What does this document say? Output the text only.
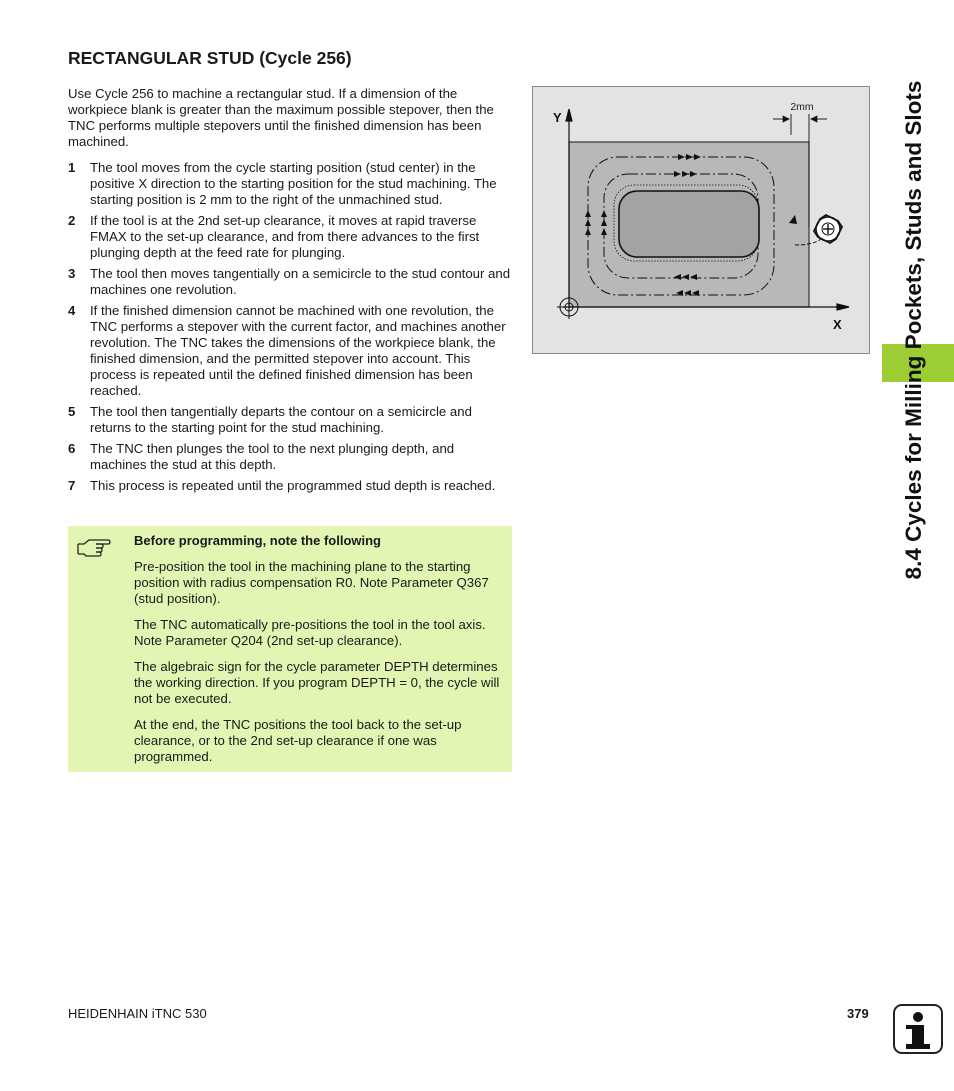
RECTANGULAR STUD (Cycle 256)

Use Cycle 256 to machine a rectangular stud. If a dimension of the workpiece blank is greater than the maximum possible stepover, then the TNC performs multiple stepovers until the finished dimension has been machined.

1	The tool moves from the cycle starting position (stud center) in the positive X direction to the starting position for the stud machining. The starting position is 2 mm to the right of the unmachined stud.
2	If the tool is at the 2nd set-up clearance, it moves at rapid traverse FMAX to the set-up clearance, and from there advances to the first plunging depth at the feed rate for plunging.
3	The tool then moves tangentially on a semicircle to the stud contour and machines one revolution.
4	If the finished dimension cannot be machined with one revolution, the TNC performs a stepover with the current factor, and machines another revolution. The TNC takes the dimensions of the workpiece blank, the finished dimension, and the permitted stepover into account. This process is repeated until the defined finished dimension has been reached.
5	The tool then tangentially departs the contour on a semicircle and returns to the starting point for the stud machining.
6	The TNC then plunges the tool to the next plunging depth, and machines the stud at this depth.
7	This process is repeated until the programmed stud depth is reached.

Before programming, note the following

Pre-position the tool in the machining plane to the starting position with radius compensation R0. Note Parameter Q367 (stud position).

The TNC automatically pre-positions the tool in the tool axis. Note Parameter Q204 (2nd set-up clearance).

The algebraic sign for the cycle parameter DEPTH determines the working direction. If you program DEPTH = 0, the cycle will not be executed.

At the end, the TNC positions the tool back to the set-up clearance, or to the 2nd set-up clearance if one was programmed.

2mm
Y
X	8.4 Cycles for Milling Pockets, Studs and Slots
HEIDENHAIN iTNC 530	379
